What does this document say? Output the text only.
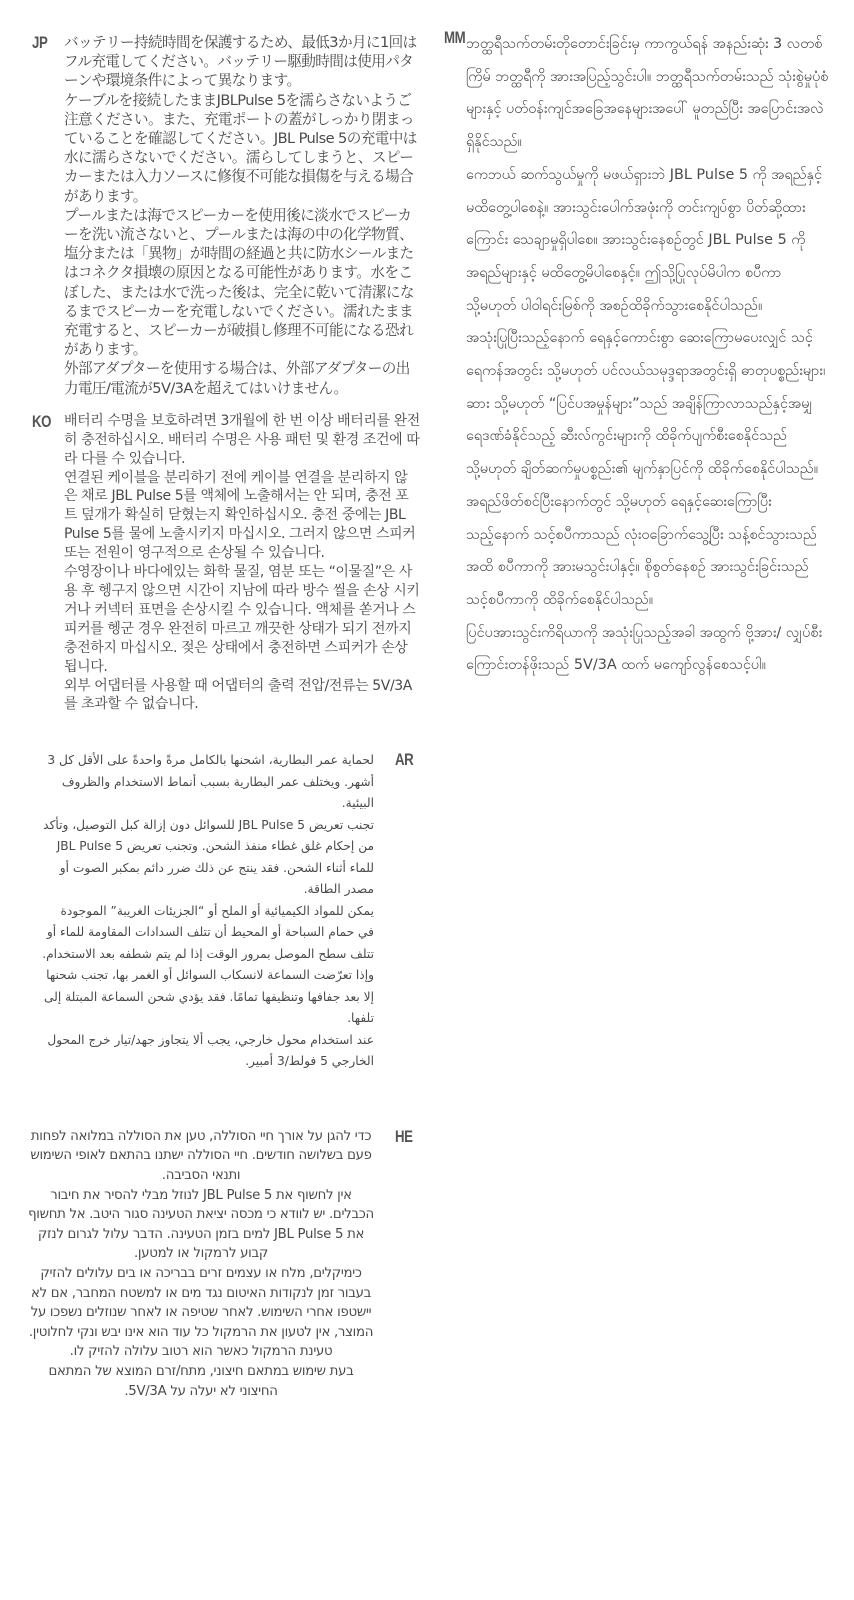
JP バッテリー持続時間を保護するため、最低3か月に1回はフル充電してください。バッテリー駆動時間は使用パターンや環境条件によって異なります。

ケーブルを接続したままJBLPulse 5を濡らさないようご注意ください。また、充電ポートの蓋がしっかり閉まっていることを確認してください。JBL Pulse 5の充電中は水に濡らさないでください。濡らしてしまうと、スピーカーまたは入力ソースに修復不可能な損傷を与える場合があります。

プールまたは海でスピーカーを使用後に淡水でスピーカーを洗い流さないと、プールまたは海の中の化学物質、塩分または「異物」が時間の経過と共に防水シールまたはコネクタ損壊の原因となる可能性があります。水をこぼした、または水で洗った後は、完全に乾いて清潔になるまでスピーカーを充電しないでください。濡れたまま充電すると、スピーカーが破損し修理不可能になる恐れがあります。

外部アダプターを使用する場合は、外部アダプターの出力電圧/電流が5V/3Aを超えてはいけません。

KO 배터리 수명을 보호하려면 3개월에 한 번 이상 배터리를 완전히 충전하십시오. 배터리 수명은 사용 패턴 및 환경 조건에 따라 다를 수 있습니다.

연결된 케이블을 분리하기 전에 케이블 연결을 분리하지 않은 채로 JBL Pulse 5를 액체에 노출해서는 안 되며, 충전 포트 덮개가 확실히 닫혔는지 확인하십시오. 충전 중에는 JBL Pulse 5를 물에 노출시키지 마십시오. 그러지 않으면 스피커 또는 전원이 영구적으로 손상될 수 있습니다.

수영장이나 바다에있는 화학 물질, 염분 또는 “이물질”은 사용 후 헹구지 않으면 시간이 지남에 따라 방수 씰을 손상 시키거나 커넥터 표면을 손상시킬 수 있습니다. 액체를 쏟거나 스피커를 헹군 경우 완전히 마르고 깨끗한 상태가 되기 전까지 충전하지 마십시오. 젖은 상태에서 충전하면 스피커가 손상됩니다.

외부 어댑터를 사용할 때 어댑터의 출력 전압/전류는 5V/3A를 초과할 수 없습니다.

AR

لحماية عمر البطارية، اشحنها بالكامل مرةً واحدةً على الأقل كل 3 أشهر. ويختلف عمر البطارية بسبب أنماط الاستخدام والظروف البيئية.

تجنب تعريض JBL Pulse 5 للسوائل دون إزالة كبل التوصيل، وتأكد من إحكام غلق غطاء منفذ الشحن. وتجنب تعريض JBL Pulse 5 للماء أثناء الشحن. فقد ينتج عن ذلك ضرر دائم بمكبر الصوت أو مصدر الطاقة.

يمكن للمواد الكيميائية أو الملح أو “الجزيئات الغريبة” الموجودة في حمام السباحة أو المحيط أن تتلف السدادات المقاومة للماء أو تتلف سطح الموصل بمرور الوقت إذا لم يتم شطفه بعد الاستخدام. وإذا تعرّضت السماعة لانسكاب السوائل أو الغمر بها، تجنب شحنها إلا بعد جفافها وتنظيفها تمامًا. فقد يؤدي شحن السماعة المبتلة إلى تلفها.

عند استخدام محول خارجي، يجب ألا يتجاوز جهد/تيار خرج المحول الخارجي 5 فولط/3 أمبير.

HE

כדי להגן על אורך חיי הסוללה, טען את הסוללה במלואה לפחות פעם בשלושה חודשים. חיי הסוללה ישתנו בהתאם לאופי השימוש ותנאי הסביבה.

אין לחשוף את JBL Pulse 5 לנוזל מבלי להסיר את חיבור הכבלים. יש לוודא כי מכסה יציאת הטעינה סגור היטב. אל תחשוף את JBL Pulse 5 למים בזמן הטעינה. הדבר עלול לגרום לנזק קבוע לרמקול או למטען.

כימיקלים, מלח או עצמים זרים בבריכה או בים עלולים להזיק בעבור זמן לנקודות האיטום נגד מים או למשטח המחבר, אם לא יישטפו אחרי השימוש. לאחר שטיפה או לאחר שנוזלים נשפכו על המוצר, אין לטעון את הרמקול כל עוד הוא אינו יבש ונקי לחלוטין. טעינת הרמקול כאשר הוא רטוב עלולה להזיק לו.

בעת שימוש במתאם חיצוני, מתח/זרם המוצא של המתאם החיצוני לא יעלה על 5V/3A.

MM ဘတ္ထရီသက်တမ်းတိုတောင်းခြင်းမှ ကာကွယ်ရန် အနည်းဆုံး 3 လတစ်ကြိမ် ဘတ္ထရီကို အားအပြည့်သွင်းပါ။ ဘတ္ထရီသက်တမ်းသည် သုံးစွဲမှုပုံစံများနှင့် ပတ်ဝန်းကျင်အခြေအနေများအပေါ် မူတည်ပြီး အပြောင်းအလဲရှိနိုင်သည်။

ကေဘယ် ဆက်သွယ်မှုကို မဖယ်ရှားဘဲ JBL Pulse 5 ကို အရည်နှင့် မထိတွေ့ပါစေနဲ့။ အားသွင်းပေါက်အဖုံးကို တင်းကျပ်စွာ ပိတ်ဆို့ထားကြောင်း သေချာမှုရှိပါစေ။ အားသွင်းနေစဥ်တွင် JBL Pulse 5 ကို အရည်များနှင့် မထိတွေ့မိပါစေနှင့်။ ဤသို့ပြုလုပ်မိပါက စပီကာ သို့မဟုတ် ပါဝါရင်းမြစ်ကို အစဥ်ထိခိုက်သွားစေနိုင်ပါသည်။

အသုံးပြုပြီးသည့်နောက် ရေနှင့်ကောင်းစွာ ဆေးကြောမပေးလျှင် သင့်ရေကန်အတွင်း သို့မဟုတ် ပင်လယ်သမုဒ္ဒရာအတွင်းရှိ ဓာတုပစ္စည်းများ၊ ဆား သို့မဟုတ် “ပြင်ပအမှုန်များ”သည် အချိန်ကြာလာသည်နှင့်အမျှ ရေဒဏ်ခံနိုင်သည့် ဆီးလ်ကွင်းများကို ထိခိုက်ပျက်စီးစေနိုင်သည် သို့မဟုတ် ချိတ်ဆက်မှုပစ္စည်း၏ မျက်နှာပြင်ကို ထိခိုက်စေနိုင်ပါသည်။ အရည်ဖိတ်စင်ပြီးနောက်တွင် သို့မဟုတ် ရေနှင့်ဆေးကြောပြီးသည့်နောက် သင့်စပီကာသည် လုံးဝခြောက်သွေ့ပြီး သန့်စင်သွားသည်အထိ စပီကာကို အားမသွင်းပါနှင့်။ စိုစွတ်နေစဥ် အားသွင်းခြင်းသည် သင့်စပီကာကို ထိခိုက်စေနိုင်ပါသည်။

ပြင်ပအားသွင်းကိရိယာကို အသုံးပြုသည့်အခါ အထွက် ဗို့အား/ လျှပ်စီးကြောင်းတန်ဖိုးသည် 5V/3A ထက် မကျော်လွန်စေသင့်ပါ။
